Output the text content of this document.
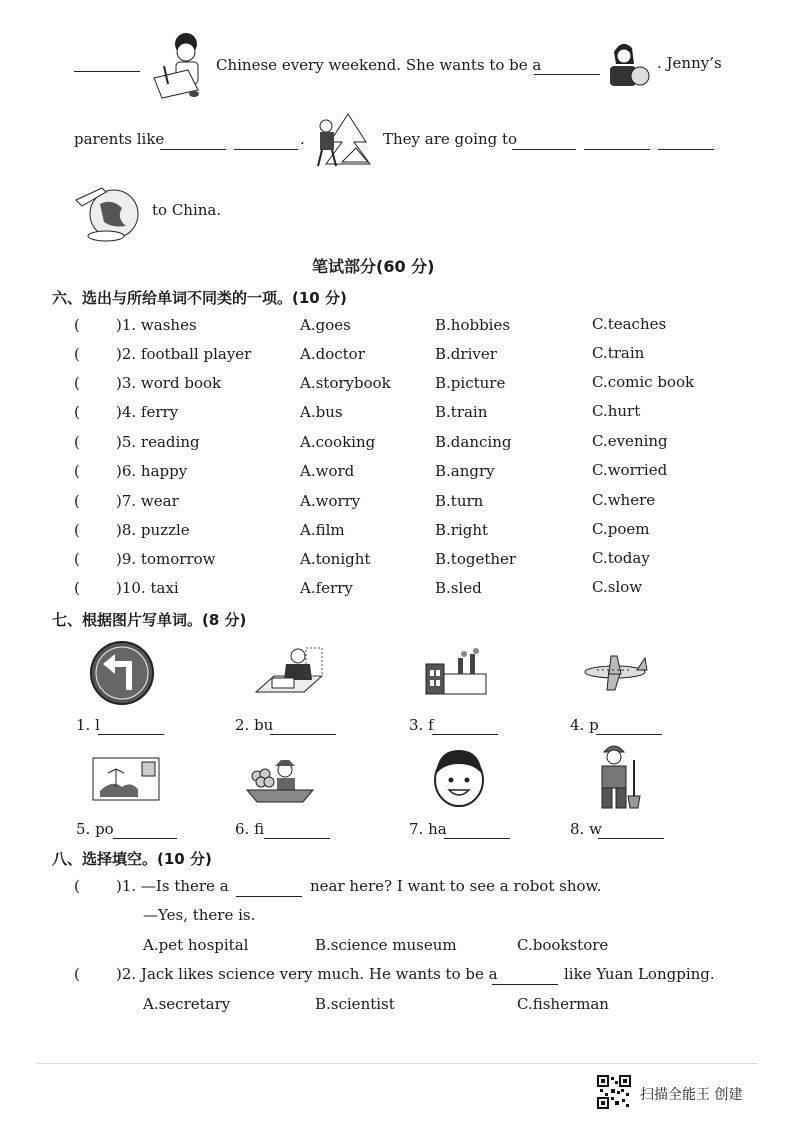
Chinese every weekend. She wants to be a	. Jenny’s
parents like	.	They are going to
to China.
笔试部分(60 分)
六、选出与所给单词不同类的一项。(10 分)
( )1. washes	A.goes	B.hobbies	C.teaches
( )2. football player	A.doctor	B.driver	C.train
( )3. word book	A.storybook	B.picture	C.comic book
( )4. ferry	A.bus	B.train	C.hurt
( )5. reading	A.cooking	B.dancing	C.evening
( )6. happy	A.word	B.angry	C.worried
( )7. wear	A.worry	B.turn	C.where
( )8. puzzle	A.film	B.right	C.poem
( )9. tomorrow	A.tonight	B.together	C.today
( )10. taxi	A.ferry	B.sled	C.slow
七、根据图片写单词。(8 分)
1. l	2. bu	3. f	4. p
5. po	6. fi	7. ha	8. w
八、选择填空。(10 分)
( )1. —Is there a	near here? I want to see a robot show.
—Yes, there is.
A.pet hospital	B.science museum	C.bookstore
( )2. Jack likes science very much. He wants to be a	like Yuan Longping.
A.secretary	B.scientist	C.fisherman
扫描全能王 创建
